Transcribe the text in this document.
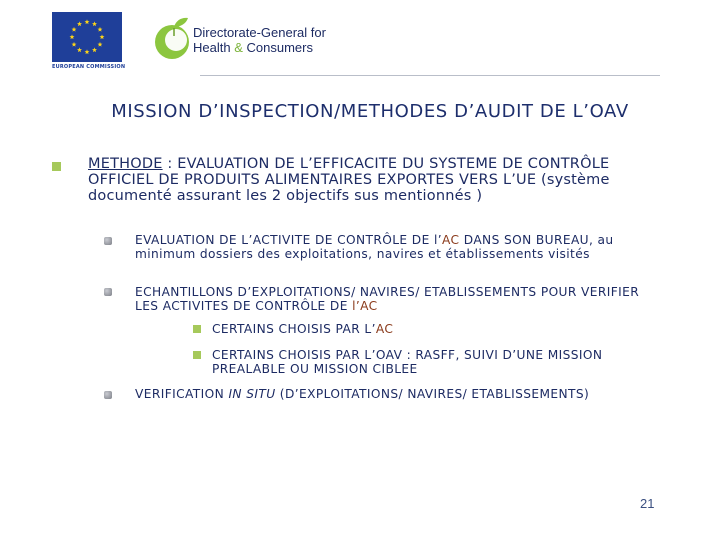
EUROPEAN COMMISSION
Directorate-General for
Health & Consumers
MISSION D’INSPECTION/METHODES D’AUDIT DE L’OAV
METHODE : EVALUATION DE L’EFFICACITE DU SYSTEME DE CONTRÔLE OFFICIEL DE PRODUITS ALIMENTAIRES EXPORTES VERS L’UE (système documenté assurant les 2 objectifs sus mentionnés )
EVALUATION DE L’ACTIVITE DE CONTRÔLE DE l’AC DANS SON BUREAU, au minimum dossiers des exploitations, navires et établissements visités
ECHANTILLONS D’EXPLOITATIONS/ NAVIRES/ ETABLISSEMENTS POUR VERIFIER LES ACTIVITES DE CONTRÔLE DE l’AC
CERTAINS CHOISIS PAR L’AC
CERTAINS CHOISIS PAR L’OAV : RASFF, SUIVI D’UNE MISSION PREALABLE OU MISSION CIBLEE
VERIFICATION IN SITU (D’EXPLOITATIONS/ NAVIRES/ ETABLISSEMENTS)
21
